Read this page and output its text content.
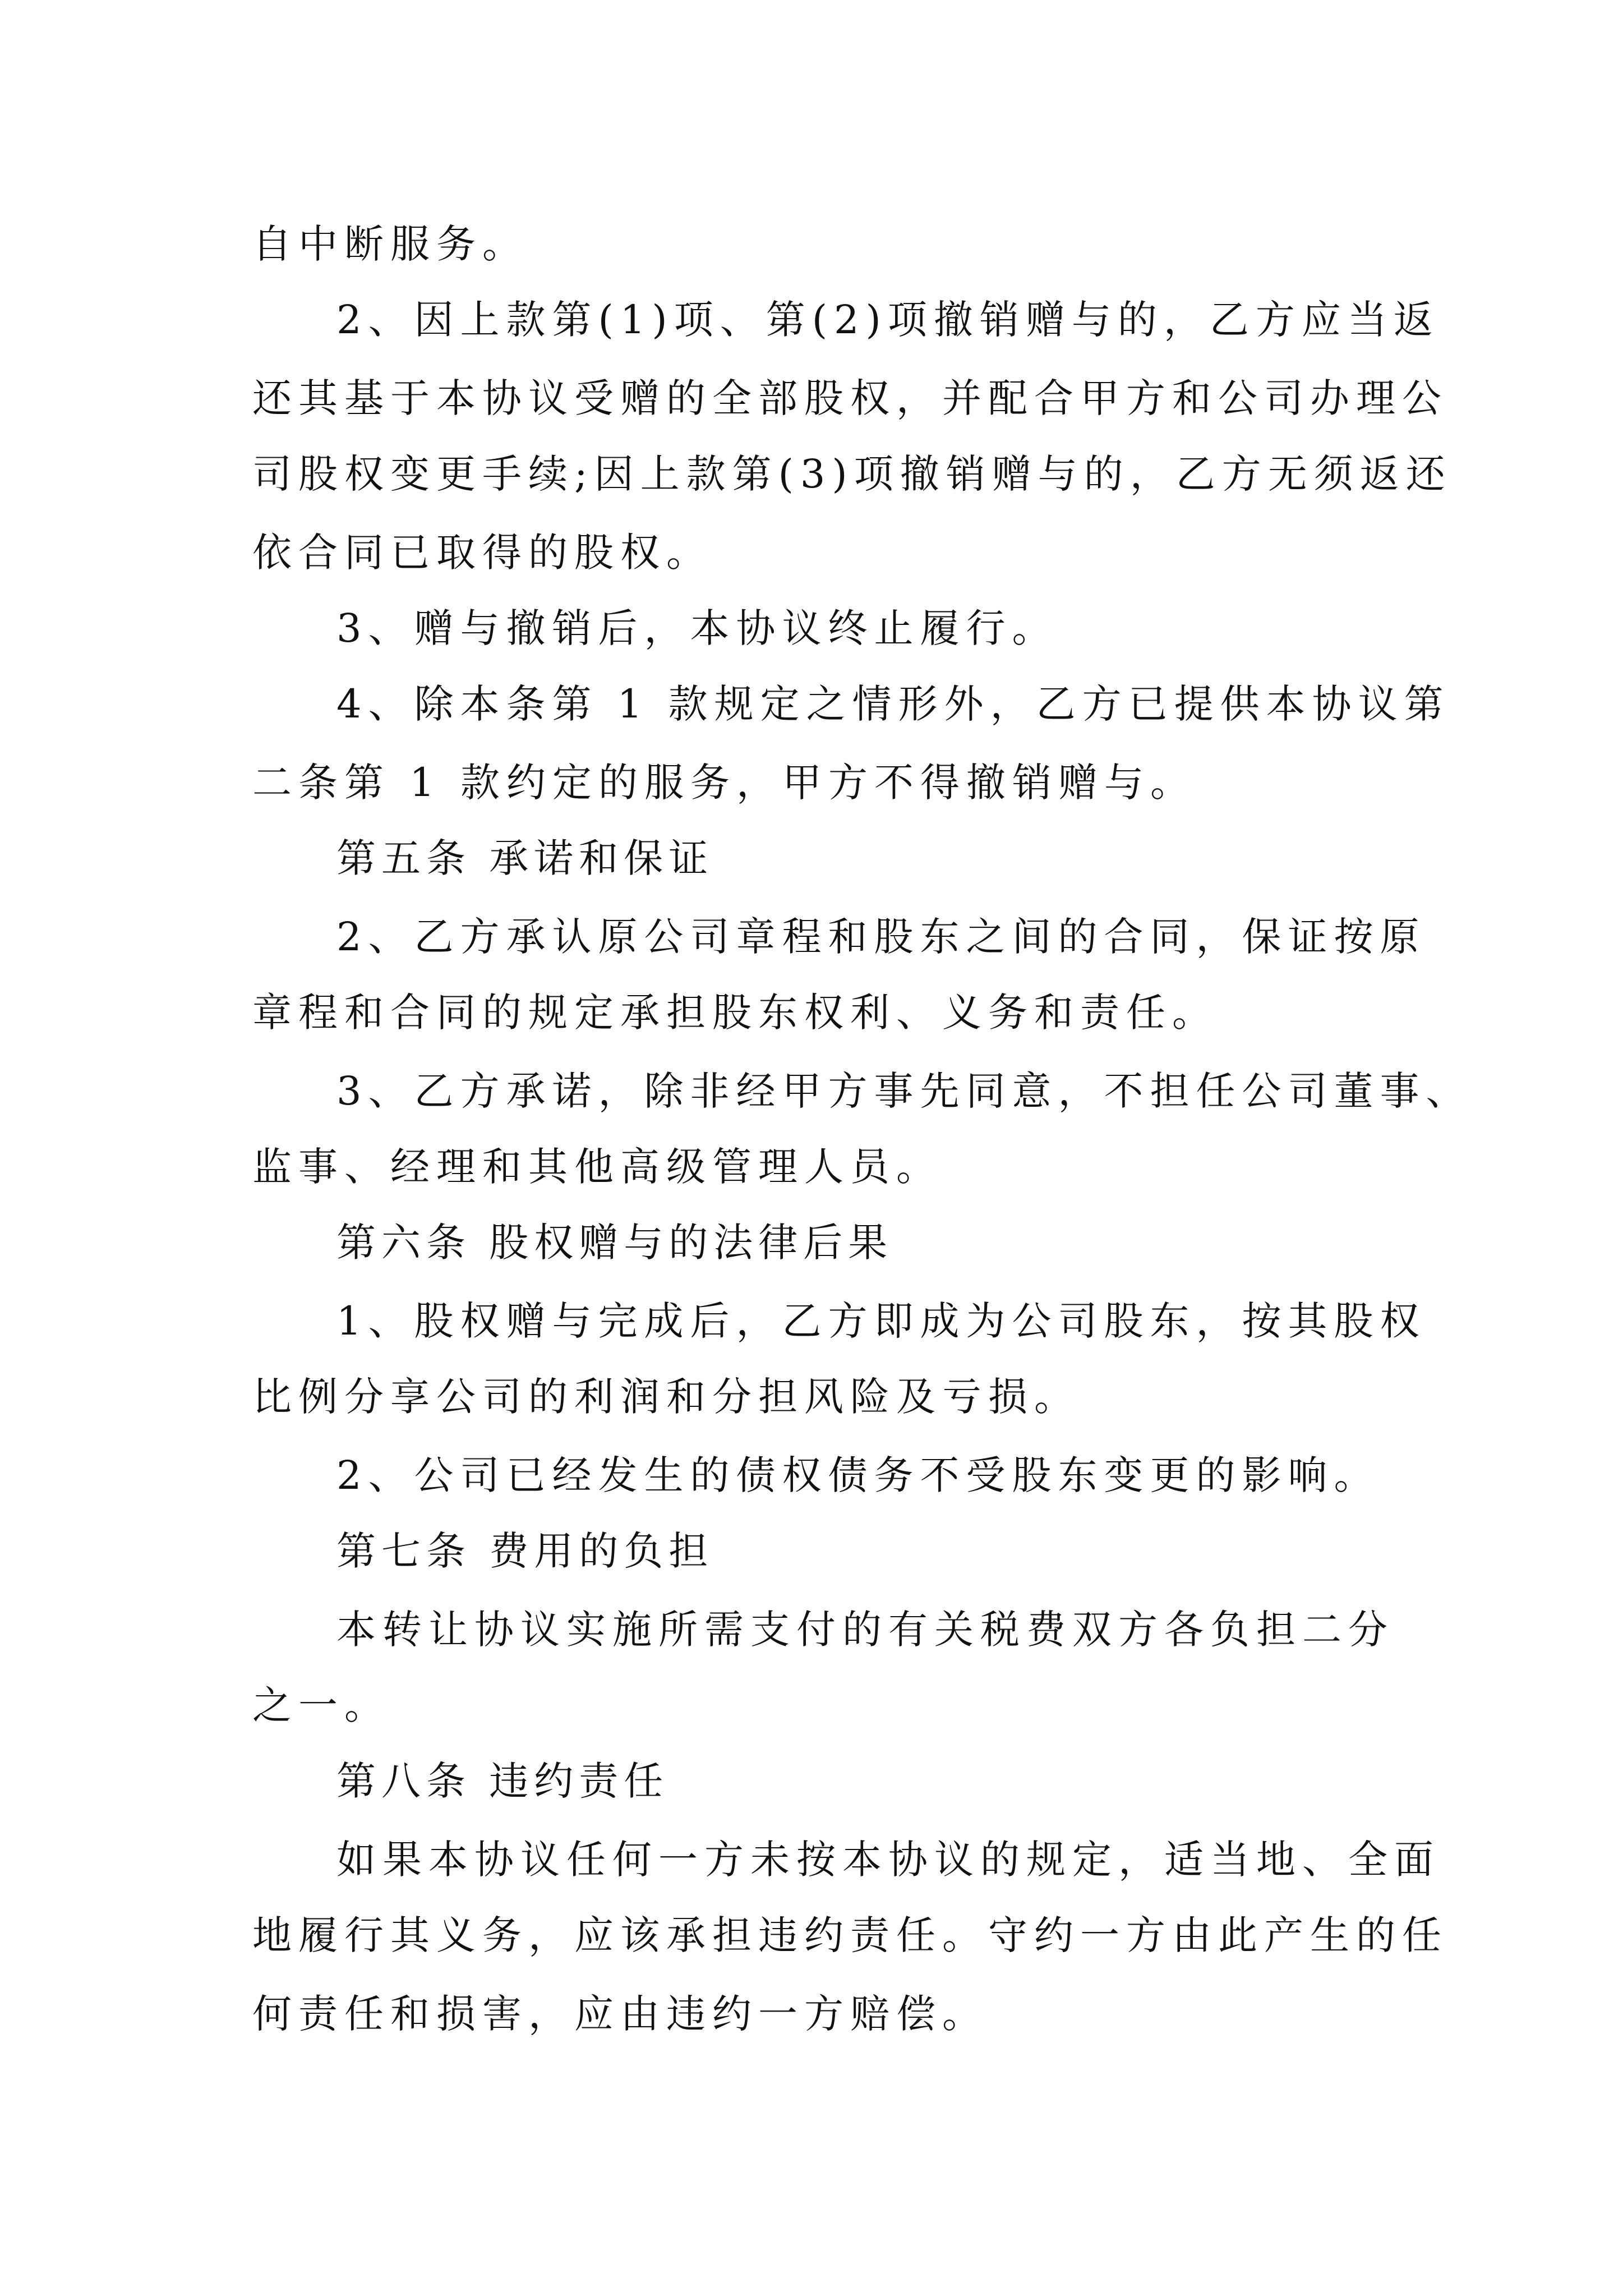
自中断服务。
2、因上款第(1)项、第(2)项撤销赠与的，乙方应当返
还其基于本协议受赠的全部股权，并配合甲方和公司办理公
司股权变更手续;因上款第(3)项撤销赠与的，乙方无须返还
依合同已取得的股权。
3、赠与撤销后，本协议终止履行。
4、除本条第 1 款规定之情形外，乙方已提供本协议第
二条第 1 款约定的服务，甲方不得撤销赠与。
第五条 承诺和保证
2、乙方承认原公司章程和股东之间的合同，保证按原
章程和合同的规定承担股东权利、义务和责任。
3、乙方承诺，除非经甲方事先同意，不担任公司董事、
监事、经理和其他高级管理人员。
第六条 股权赠与的法律后果
1、股权赠与完成后，乙方即成为公司股东，按其股权
比例分享公司的利润和分担风险及亏损。
2、公司已经发生的债权债务不受股东变更的影响。
第七条 费用的负担
本转让协议实施所需支付的有关税费双方各负担二分
之一。
第八条 违约责任
如果本协议任何一方未按本协议的规定，适当地、全面
地履行其义务，应该承担违约责任。守约一方由此产生的任
何责任和损害，应由违约一方赔偿。
